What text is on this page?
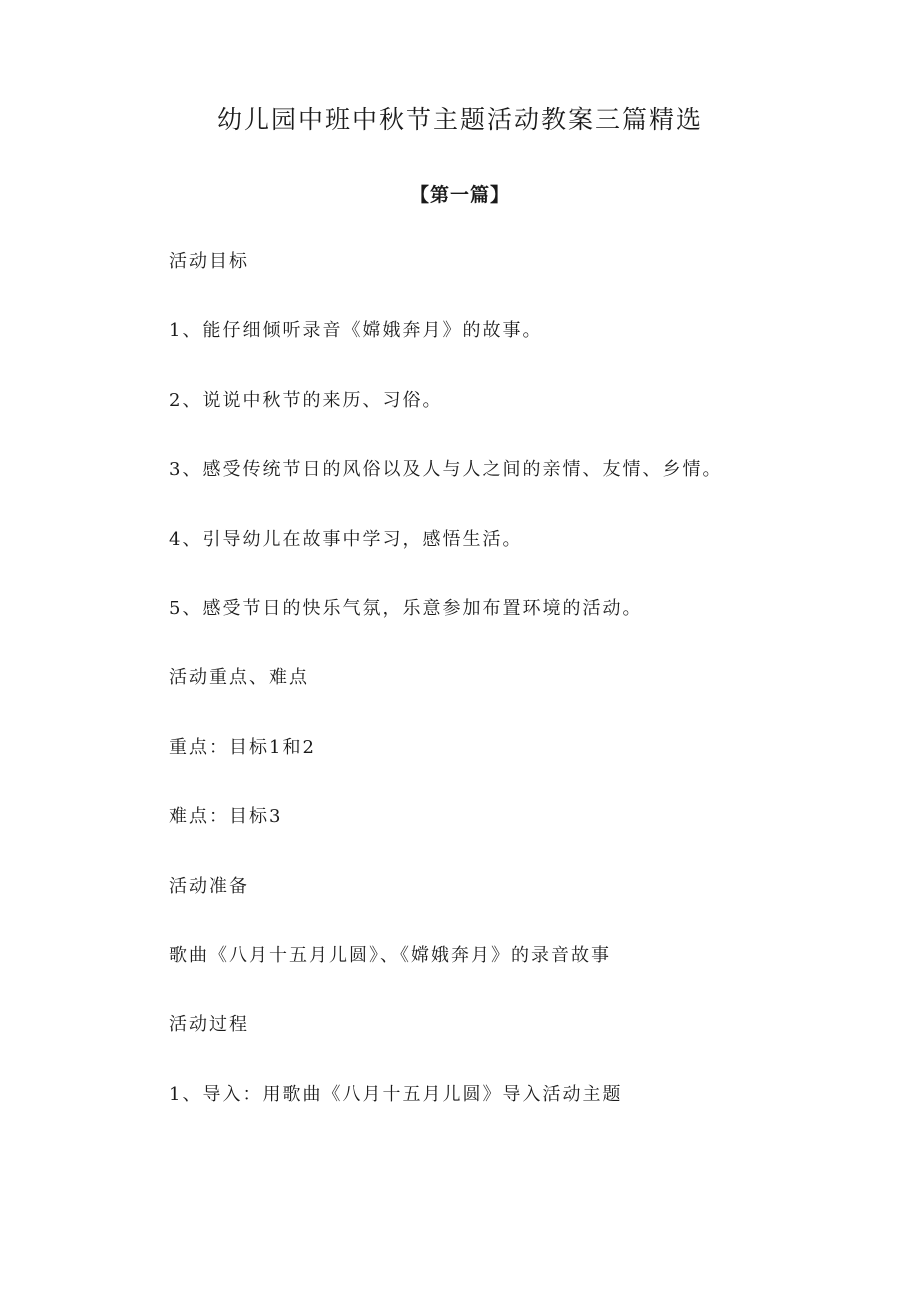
幼儿园中班中秋节主题活动教案三篇精选
【第一篇】
活动目标
1、能仔细倾听录音《嫦娥奔月》的故事。
2、说说中秋节的来历、习俗。
3、感受传统节日的风俗以及人与人之间的亲情、友情、乡情。
4、引导幼儿在故事中学习，感悟生活。
5、感受节日的快乐气氛，乐意参加布置环境的活动。
活动重点、难点
重点：目标1和2
难点：目标3
活动准备
歌曲《八月十五月儿圆》、《嫦娥奔月》的录音故事
活动过程
1、导入：用歌曲《八月十五月儿圆》导入活动主题
